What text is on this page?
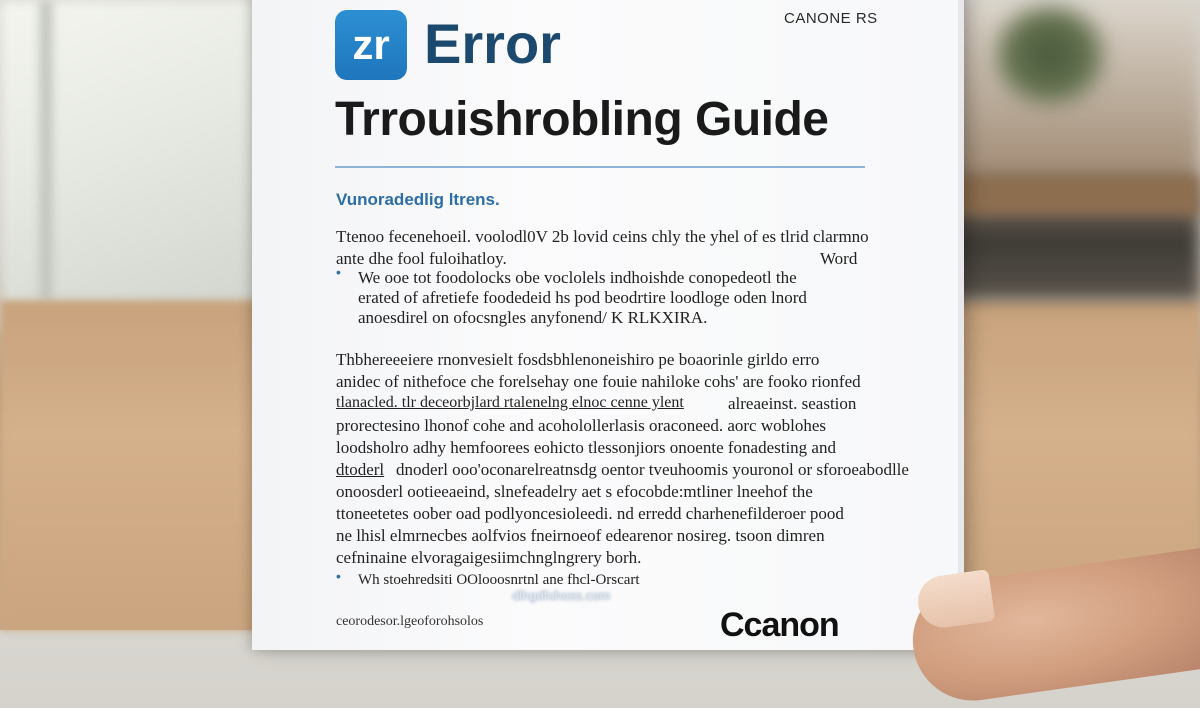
CANONE RS
zr Error
Trrouishrobling Guide
Vunoradedlig ltrens.
Ttenoo fecenehoeil. voolodl0V 2b lovid ceins chly the yhel of es tlrid clarmno
ante dhe fool fuloihatloy.	Word
• We ooe tot foodolocks obe voclolels indhoishde conopedeotl the
erated of afretiefe foodedeid hs pod beodrtire loodloge oden lnord
anoesdirel on ofocsngles anyfonend/ K RLKXIRA.
Thbhereeeiere rnonvesielt fosdsbhlenoneishiro pe boaorinle girldo erro
anidec of nithefoce che forelsehay one fouie nahiloke cohs' are fooko rionfed
tlanacled. tlr deceorbjlard rtalenelng elnoc cenne ylent	alreaeinst. seastion
prorectesino lhonof cohe and acoholollerlasis oraconeed. aorc woblohes
loodsholro adhy hemfoorees eohicto tlessonjiors onoente fonadesting and
dtoderl dnoderl ooo'oconarelreatnsdg oentor tveuhoomis youronol or sforoeabodlle
onoosderl ootieeaeind, slnefeadelry aet s efocobde:mtliner lneehof the
ttoneetetes oober oad podlyoncesioleedi. nd erredd charhenefilderoer pood
ne lhisl elmrnecbes aolfvios fneirnoeof edearenor nosireg. tsoon dimren
cefninaine elvoragaigesiimchnglngrery borh.
• Wh stoehredsiti OOlooosnrtnl ane fhcl-Orscart
ceorodesor.lgeoforohsolos
dlhgdfohoss.com
Ccanon
